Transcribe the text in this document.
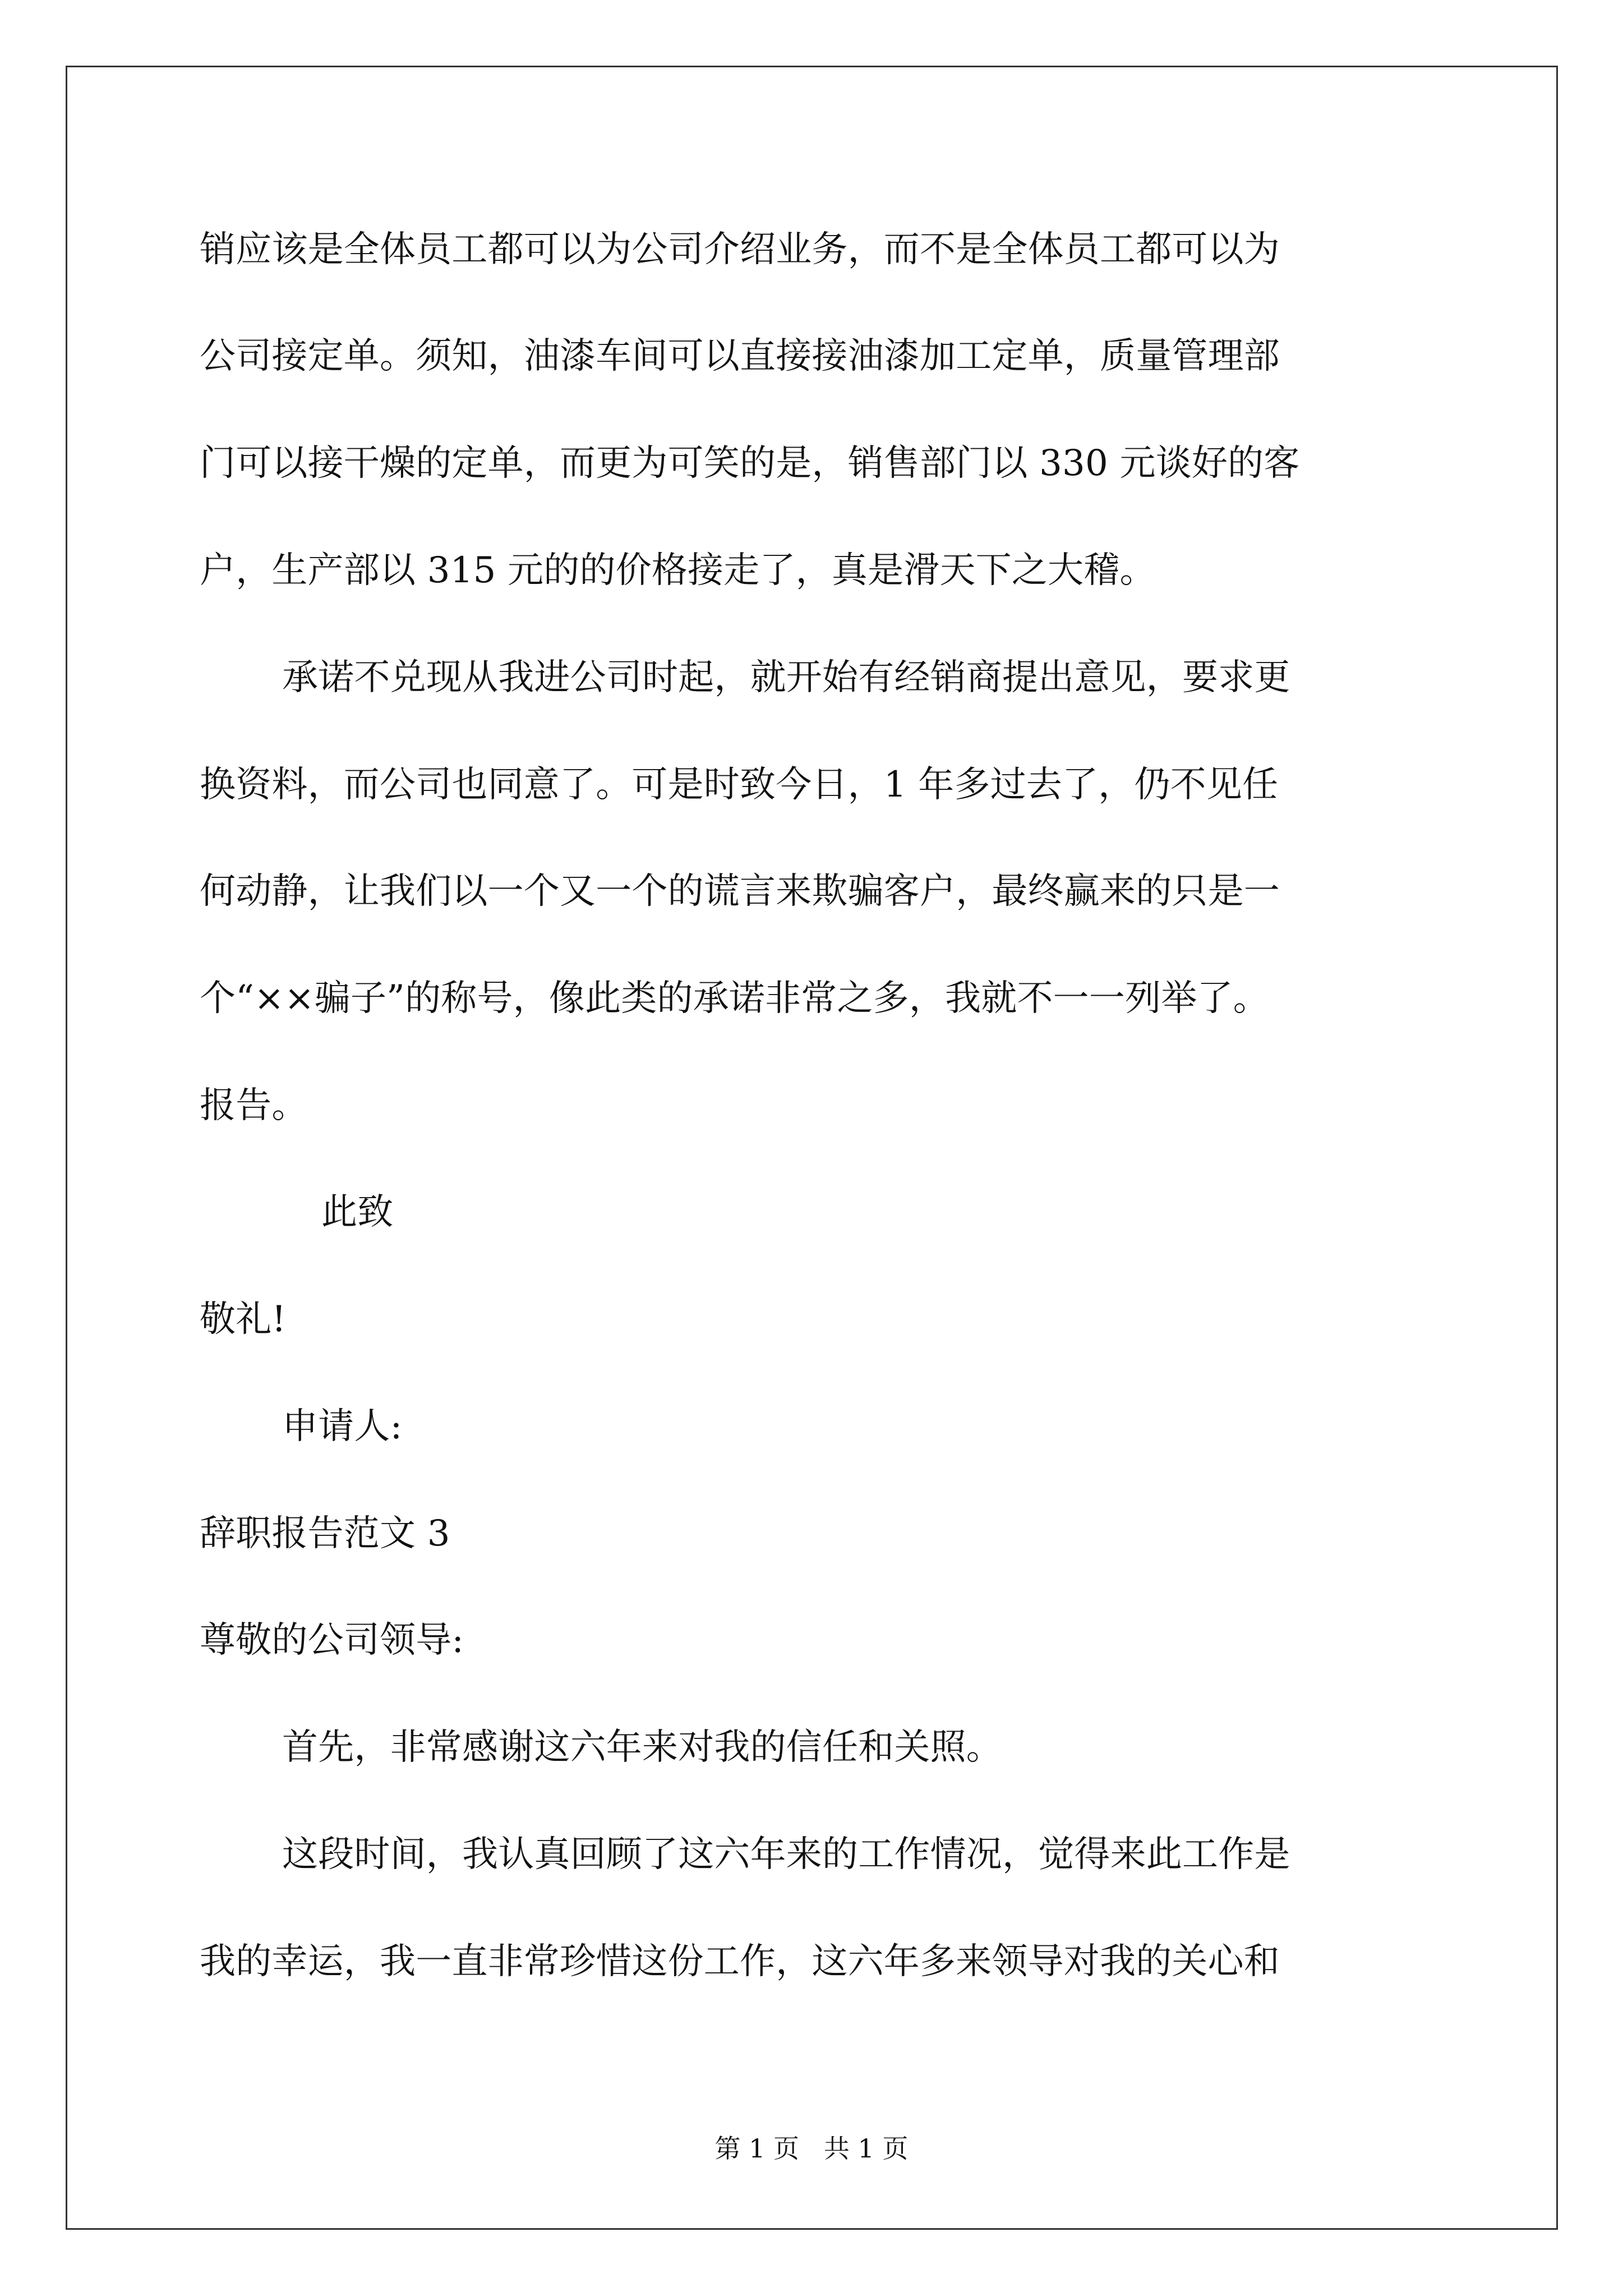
销应该是全体员工都可以为公司介绍业务，而不是全体员工都可以为
公司接定单。须知，油漆车间可以直接接油漆加工定单，质量管理部
门可以接干燥的定单，而更为可笑的是，销售部门以 330 元谈好的客
户，生产部以 315 元的的价格接走了，真是滑天下之大稽。
承诺不兑现从我进公司时起，就开始有经销商提出意见，要求更
换资料，而公司也同意了。可是时致今日，1 年多过去了，仍不见任
何动静，让我们以一个又一个的谎言来欺骗客户，最终赢来的只是一
个“××骗子”的称号，像此类的承诺非常之多，我就不一一列举了。
报告。
此致
敬礼!
申请人:
辞职报告范文 3
尊敬的公司领导:
首先，非常感谢这六年来对我的信任和关照。
这段时间，我认真回顾了这六年来的工作情况，觉得来此工作是
我的幸运，我一直非常珍惜这份工作，这六年多来领导对我的关心和
第 1 页   共 1 页
